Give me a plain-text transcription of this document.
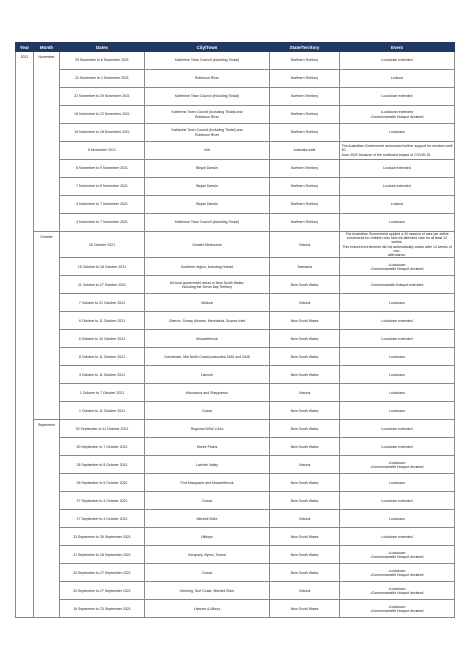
Year	Month	Dates	City/Town	State/Territory	Event

2021	November	29 November to 6 December 2021	Katherine Town Council (including Tindal)	Northern Territory	Lockdown extended

		22 November to 1 December 2021	Robinson River	Northern Territory	Lockout

		22 November to 29 November 2021	Katherine Town Council (including Tindal)	Northern Territory	Lockdown extended

		16 November to 22 November 2021	Katherine Town Council (including Tindal) and
Robinson River	Northern Territory	•Lockdown extended
•Commonwealth Hotspot declared

		15 November to 18 November 2021	Katherine Town Council (including Tindal) and
Robinson River	Northern Territory	Lockdown

		6 November 2021	N/A	Australia-wide	The Australian Government announced further support for services until 30
June 2022 because of the continued impact of COVID-19.

		8 November to 9 November 2021	Binjari Darwin	Northern Territory	Lockout extended

		7 November to 8 November 2021	Binjari Darwin	Northern Territory	Lockout extended

		4 November to 7 November 2021	Binjari Darwin	Northern Territory	Lockout

		4 November to 7 November 2021	Katherine Town Council (including Tindal)	Northern Territory	Lockdown

	October	18 October 2021	Greater Melbourne	Victoria	The Australian Government applied a 20 session of care per active
enrolments for children who had not attended care for at least 12 weeks.
This ensured enrolments did not automatically cease after 14 weeks of non-
attendance.

		15 October to 18 October 2021	Southern region, including Hobart	Tasmania	•Lockdown
•Commonwealth Hotspot declared

		11 October to 27 October 2021	All local government areas in New South Wales,
including the Jervis Bay Territory	New South Wales	Commonwealth Hotspot extended

		7 October to 21 October 2021	Mildura	Victoria	Lockdown

		6 October to 11 October 2021	Oberon, Snowy Monaro, Merimbula, Sussex Inlet	New South Wales	Lockdown extended

		6 October to 10 October 2021	Muswellbrook	New South Wales	Lockdown extended

		6 October to 11 October 2021	Dunmedah, Mid North Coast postcodes 2450 and 2448	New South Wales	Lockdown

		3 October to 11 October 2021	Lismore	New South Wales	Lockdown

		1 October to 7 October 2021	Moorabool and Shepparton	Victoria	Lockdown

		1 October to 11 October 2021	Cowra	New South Wales	Lockdown

	September	30 September to 11 October 2021	Regional NSW LGAs	New South Wales	Lockdown extended

		30 September to 7 October 2021	Moree Plains	New South Wales	Lockdown extended

		28 September to 5 October 2021	Latrobe Valley	Victoria	•Lockdown
•Commonwealth Hotspot declared

		28 September to 5 October 2021	Port Macquarie and Muswellbrook	New South Wales	Lockdown

		27 September to 4 October 2021	Cowra	New South Wales	Lockdown extended

		27 September to 4 October 2021	Mitchell Shire	Victoria	Lockdown

		23 September to 30 September 2021	Hilltops	New South Wales	Lockdown extended

		21 September to 28 September 2021	Kempsey, Byron, Tweed	New South Wales	•Lockdown
•Commonwealth Hotspot declared

		20 September to 27 September 2021	Cowra	New South Wales	•Lockdown
•Commonwealth Hotspot declared

		20 September to 27 September 2021	Geelong, Surf Coast, Mitchell Shire	Victoria	•Lockdown
•Commonwealth Hotspot declared

		16 September to 23 September 2021	Lismore & Albury	New South Wales	•Lockdown
•Commonwealth Hotspot declared
